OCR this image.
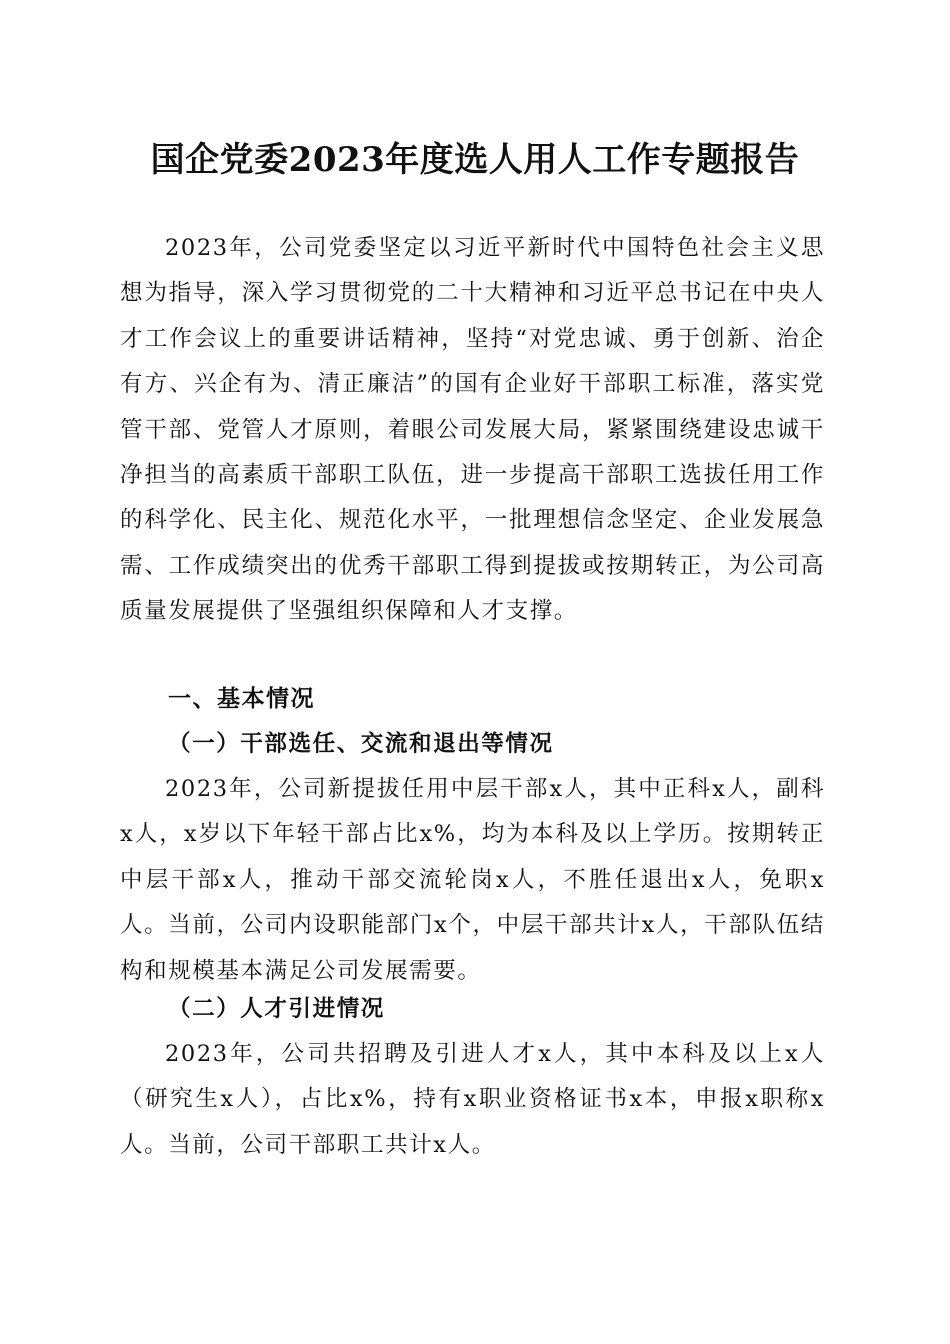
国企党委2023年度选人用人工作专题报告

2023年，公司党委坚定以习近平新时代中国特色社会主义思想为指导，深入学习贯彻党的二十大精神和习近平总书记在中央人才工作会议上的重要讲话精神，坚持“对党忠诚、勇于创新、治企有方、兴企有为、清正廉洁”的国有企业好干部职工标准，落实党管干部、党管人才原则，着眼公司发展大局，紧紧围绕建设忠诚干净担当的高素质干部职工队伍，进一步提高干部职工选拔任用工作的科学化、民主化、规范化水平，一批理想信念坚定、企业发展急需、工作成绩突出的优秀干部职工得到提拔或按期转正，为公司高质量发展提供了坚强组织保障和人才支撑。

一、基本情况
（一）干部选任、交流和退出等情况

2023年，公司新提拔任用中层干部x人，其中正科x人，副科x人，x岁以下年轻干部占比x%，均为本科及以上学历。按期转正中层干部x人，推动干部交流轮岗x人，不胜任退出x人，免职x人。当前，公司内设职能部门x个，中层干部共计x人，干部队伍结构和规模基本满足公司发展需要。

（二）人才引进情况

2023年，公司共招聘及引进人才x人，其中本科及以上x人（研究生x人），占比x%，持有x职业资格证书x本，申报x职称x人。当前，公司干部职工共计x人。
